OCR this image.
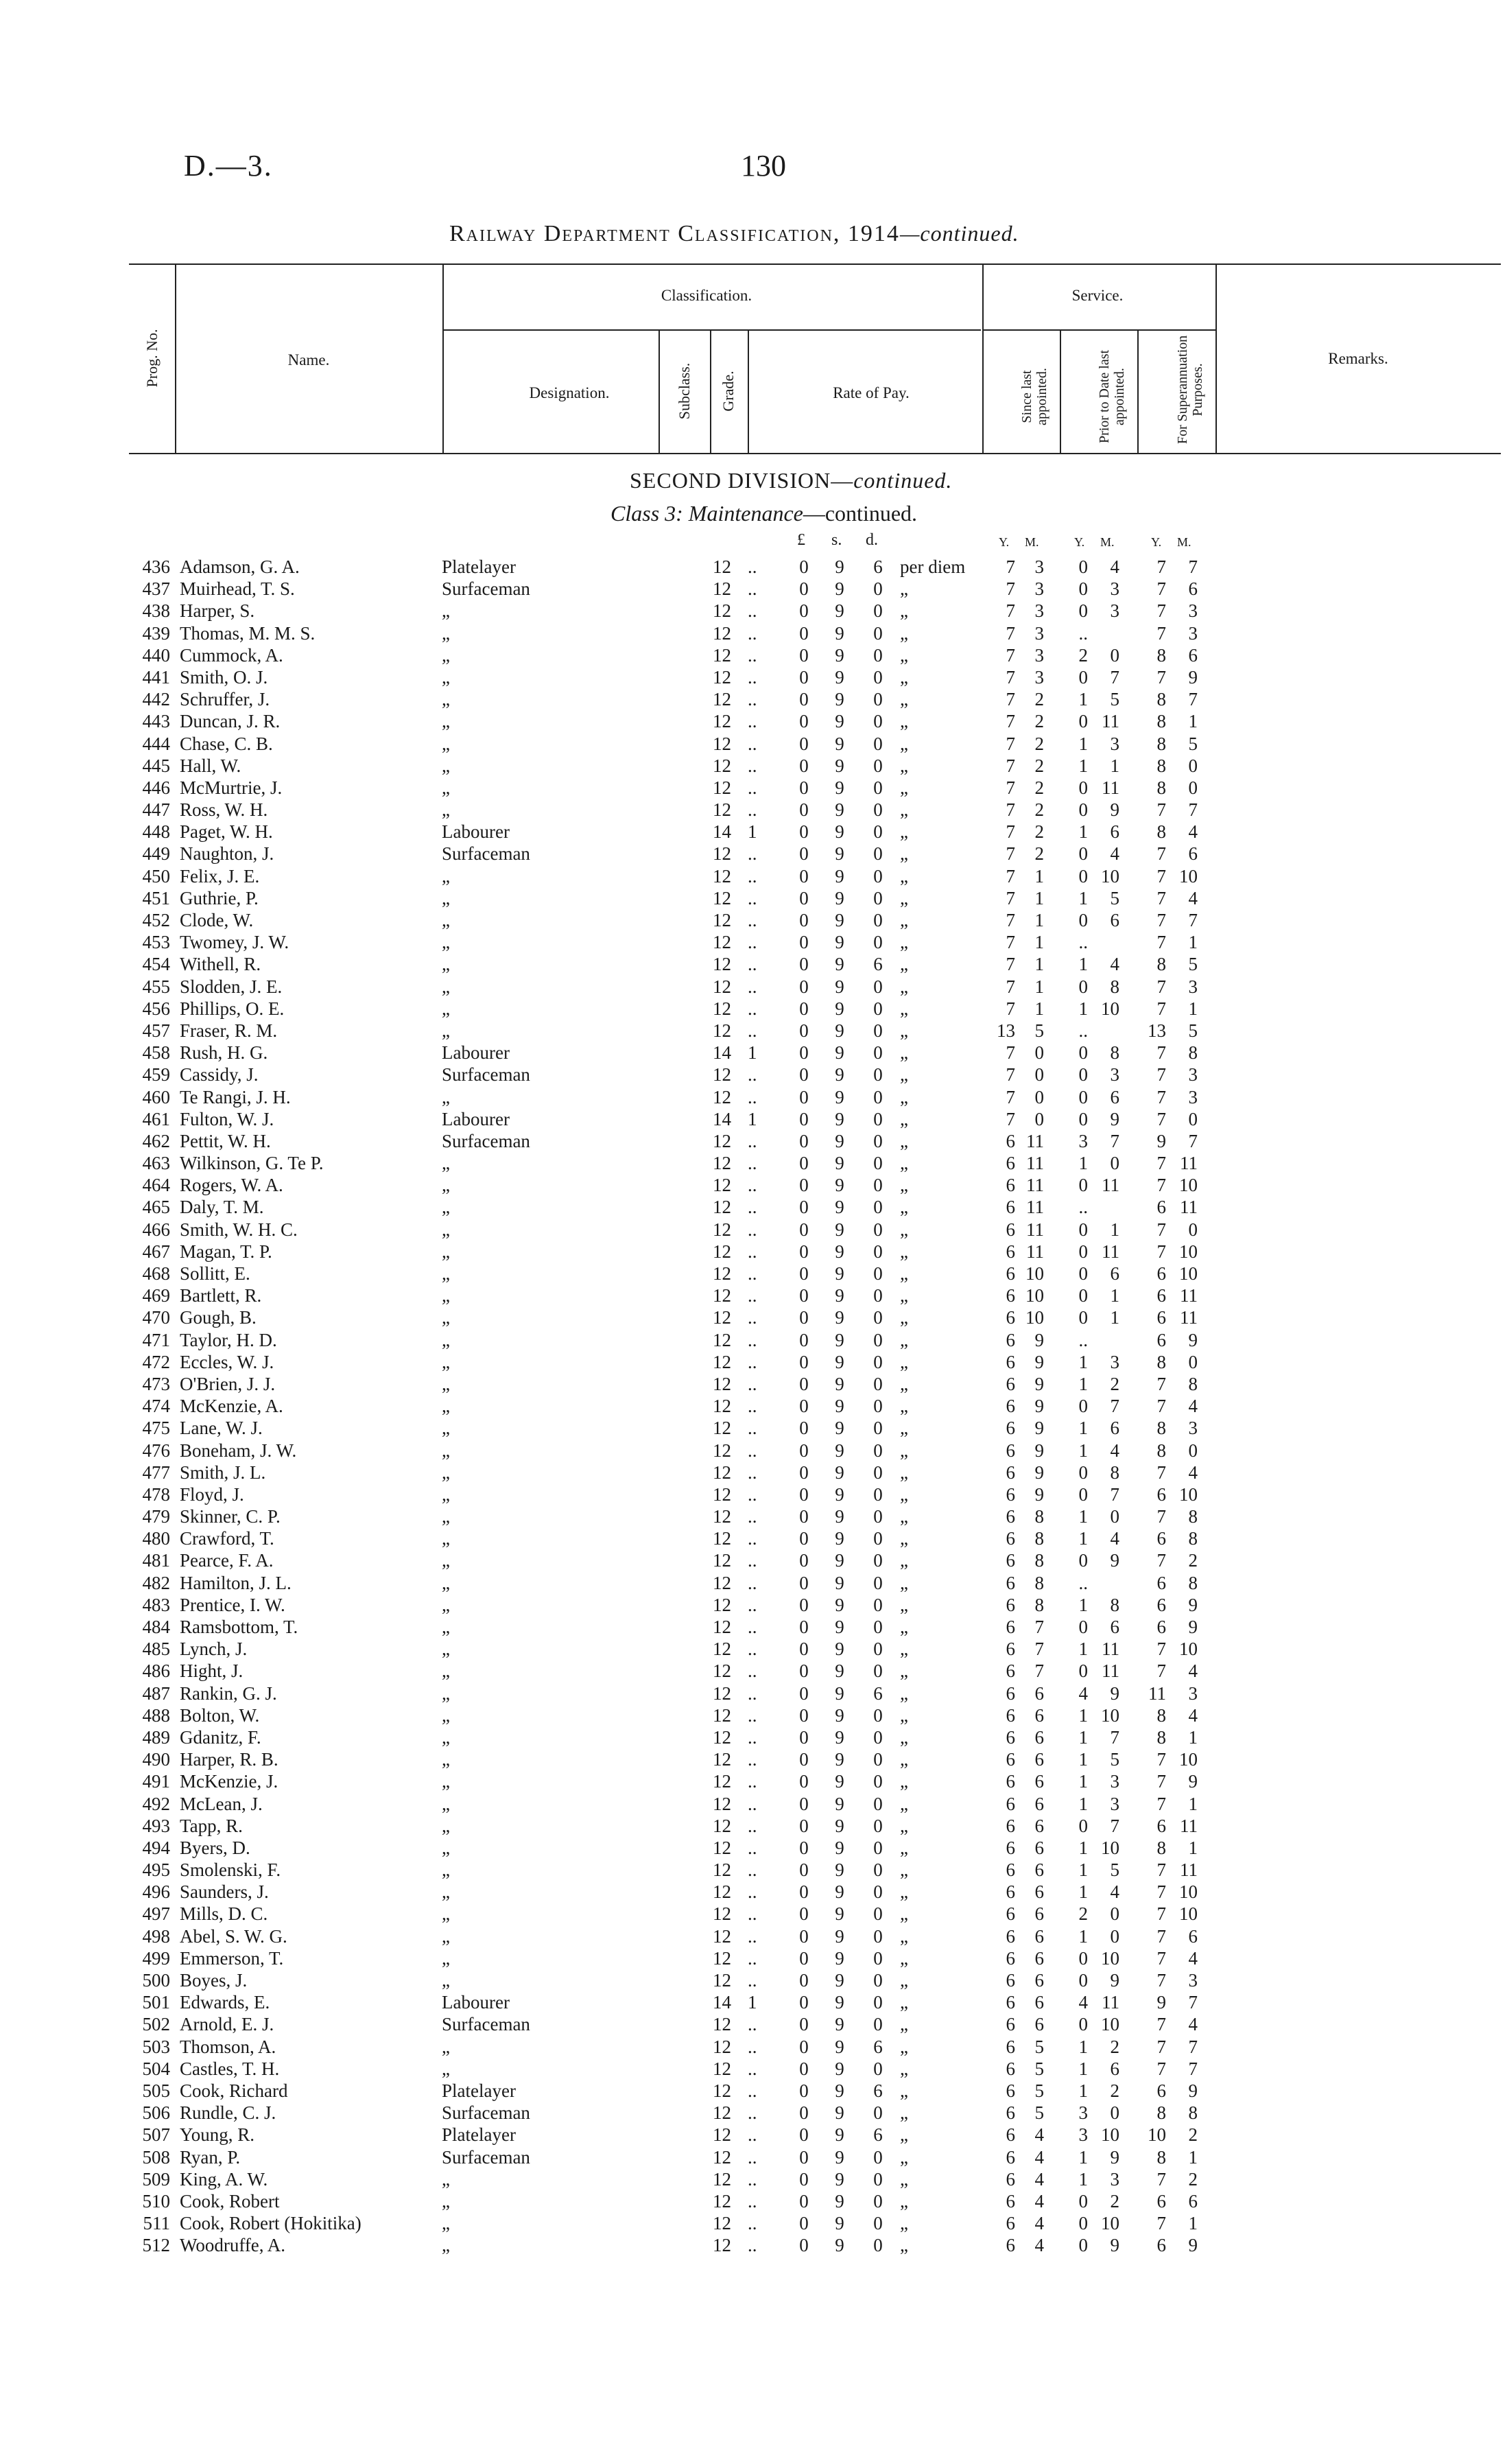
D.—3.	130
Railway Department Classification, 1914—continued.
Prog. No.	Name.
Classification.	Service.
Remarks.
Designation.	Subclass. Grade.	Rate of Pay.	Since last appointed.	Prior to Date last appointed.	For Superannuation Purposes.
SECOND DIVISION—continued.
Class 3: Maintenance—continued.
£ s. d.	Y. M.	Y. M.	Y. M.
436 Adamson, G. A.	Platelayer	12 .. 0 9	6 per diem	7	3	0	4	7	7
437 Muirhead, T. S.	Surfaceman	12 .. 0 9	0 „	7	3	0	3	7	6
438 Harper, S.	„	12 .. 0 9	0 „	7	3	0	3	7	3
439 Thomas, M. M. S.	„	12 .. 0 9	0 „	7	3	..	7	3
440 Cummock, A.	„	12 .. 0 9	0 „	7	3	2	0	8	6
441 Smith, O. J.	„	12 .. 0 9	0 „	7	3	0	7	7	9
442 Schruffer, J.	„	12 .. 0 9	0 „	7	2	1	5	8	7
443 Duncan, J. R.	„	12 .. 0 9	0 „	7	2	0 11	8	1
444 Chase, C. B.	„	12 .. 0 9	0 „	7	2	1	3	8	5
445 Hall, W.	„	12 .. 0 9	0 „	7	2	1	1	8	0
446 McMurtrie, J.	„	12 .. 0 9	0 „	7	2	0 11	8	0
447 Ross, W. H.	„	12 .. 0 9	0 „	7	2	0	9	7	7
448 Paget, W. H.	Labourer	14 1 0 9	0 „	7	2	1	6	8	4
449 Naughton, J.	Surfaceman	12 .. 0 9	0 „	7	2	0	4	7	6
450 Felix, J. E.	„	12 .. 0 9	0 „	7	1	0 10	7 10
451 Guthrie, P.	„	12 .. 0 9	0 „	7	1	1	5	7	4
452 Clode, W.	„	12 .. 0 9	0 „	7	1	0	6	7	7
453 Twomey, J. W.	„	12 .. 0 9	0 „	7	1	..	7	1
454 Withell, R.	„	12 .. 0 9	6 „	7	1	1	4	8	5
455 Slodden, J. E.	„	12 .. 0 9	0 „	7	1	0	8	7	3
456 Phillips, O. E.	„	12 .. 0 9	0 „	7	1	1 10	7	1
457 Fraser, R. M.	„	12 .. 0 9	0 „	13	5	..	13	5
458 Rush, H. G.	Labourer	14 1 0 9	0 „	7	0	0	8	7	8
459 Cassidy, J.	Surfaceman	12 .. 0 9	0 „	7	0	0	3	7	3
460 Te Rangi, J. H.	„	12 .. 0 9	0 „	7	0	0	6	7	3
461 Fulton, W. J.	Labourer	14 1 0 9	0 „	7	0	0	9	7	0
462 Pettit, W. H.	Surfaceman	12 .. 0 9	0 „	6 11	3	7	9	7
463 Wilkinson, G. Te P.	„	12 .. 0 9	0 „	6 11	1	0	7 11
464 Rogers, W. A.	„	12 .. 0 9	0 „	6 11	0 11	7 10
465 Daly, T. M.	„	12 .. 0 9	0 „	6 11	..	6 11
466 Smith, W. H. C.	„	12 .. 0 9	0 „	6 11	0	1	7	0
467 Magan, T. P.	„	12 .. 0 9	0 „	6 11	0 11	7 10
468 Sollitt, E.	„	12 .. 0 9	0 „	6 10	0	6	6 10
469 Bartlett, R.	„	12 .. 0 9	0 „	6 10	0	1	6 11
470 Gough, B.	„	12 .. 0 9	0 „	6 10	0	1	6 11
471 Taylor, H. D.	„	12 .. 0 9	0 „	6	9	..	6	9
472 Eccles, W. J.	„	12 .. 0 9	0 „	6	9	1	3	8	0
473 O'Brien, J. J.	„	12 .. 0 9	0 „	6	9	1	2	7	8
474 McKenzie, A.	„	12 .. 0 9	0 „	6	9	0	7	7	4
475 Lane, W. J.	„	12 .. 0 9	0 „	6	9	1	6	8	3
476 Boneham, J. W.	„	12 .. 0 9	0 „	6	9	1	4	8	0
477 Smith, J. L.	„	12 .. 0 9	0 „	6	9	0	8	7	4
478 Floyd, J.	„	12 .. 0 9	0 „	6	9	0	7	6 10
479 Skinner, C. P.	„	12 .. 0 9	0 „	6	8	1	0	7	8
480 Crawford, T.	„	12 .. 0 9	0 „	6	8	1	4	6	8
481 Pearce, F. A.	„	12 .. 0 9	0 „	6	8	0	9	7	2
482 Hamilton, J. L.	„	12 .. 0 9	0 „	6	8	..	6	8
483 Prentice, I. W.	„	12 .. 0 9	0 „	6	8	1	8	6	9
484 Ramsbottom, T.	„	12 .. 0 9	0 „	6	7	0	6	6	9
485 Lynch, J.	„	12 .. 0 9	0 „	6	7	1 11	7 10
486 Hight, J.	„	12 .. 0 9	0 „	6	7	0 11	7	4
487 Rankin, G. J.	„	12 .. 0 9	6 „	6	6	4	9	11	3
488 Bolton, W.	„	12 .. 0 9	0 „	6	6	1 10	8	4
489 Gdanitz, F.	„	12 .. 0 9	0 „	6	6	1	7	8	1
490 Harper, R. B.	„	12 .. 0 9	0 „	6	6	1	5	7 10
491 McKenzie, J.	„	12 .. 0 9	0 „	6	6	1	3	7	9
492 McLean, J.	„	12 .. 0 9	0 „	6	6	1	3	7	1
493 Tapp, R.	„	12 .. 0 9	0 „	6	6	0	7	6 11
494 Byers, D.	„	12 .. 0 9	0 „	6	6	1 10	8	1
495 Smolenski, F.	„	12 .. 0 9	0 „	6	6	1	5	7 11
496 Saunders, J.	„	12 .. 0 9	0 „	6	6	1	4	7 10
497 Mills, D. C.	„	12 .. 0 9	0 „	6	6	2	0	7 10
498 Abel, S. W. G.	„	12 .. 0 9	0 „	6	6	1	0	7	6
499 Emmerson, T.	„	12 .. 0 9	0 „	6	6	0 10	7	4
500 Boyes, J.	„	12 .. 0 9	0 „	6	6	0	9	7	3
501 Edwards, E.	Labourer	14 1 0 9	0 „	6	6	4 11	9	7
502 Arnold, E. J.	Surfaceman	12 .. 0 9	0 „	6	6	0 10	7	4
503 Thomson, A.	„	12 .. 0 9	6 „	6	5	1	2	7	7
504 Castles, T. H.	„	12 .. 0 9	0 „	6	5	1	6	7	7
505 Cook, Richard	Platelayer	12 .. 0 9	6 „	6	5	1	2	6	9
506 Rundle, C. J.	Surfaceman	12 .. 0 9	0 „	6	5	3	0	8	8
507 Young, R.	Platelayer	12 .. 0 9	6 „	6	4	3 10	10	2
508 Ryan, P.	Surfaceman	12 .. 0 9	0 „	6	4	1	9	8	1
509 King, A. W.	„	12 .. 0 9	0 „	6	4	1	3	7	2
510 Cook, Robert	„	12 .. 0 9	0 „	6	4	0	2	6	6
511 Cook, Robert (Hokitika)	„	12 .. 0 9	0 „	6	4	0 10	7	1
512 Woodruffe, A.	„	12 .. 0 9	0 „	6	4	0	9	6	9
